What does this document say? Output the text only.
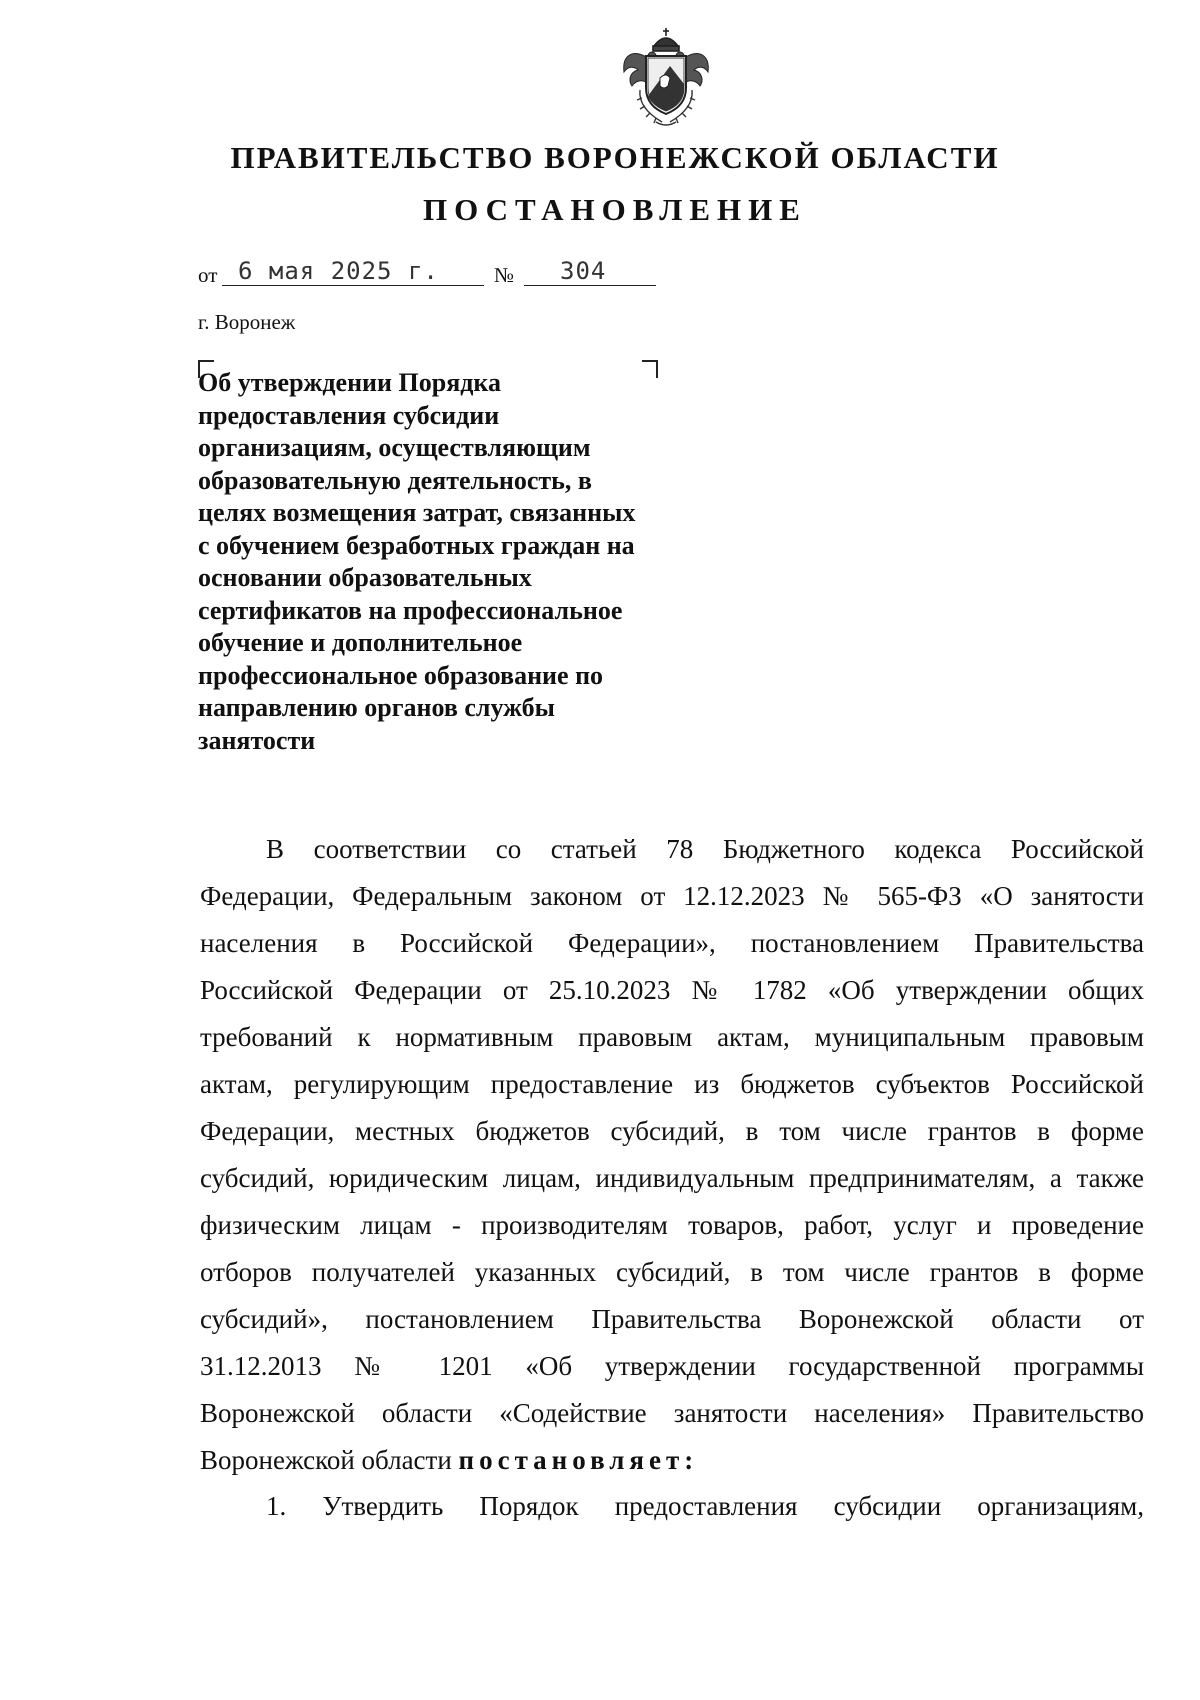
ПРАВИТЕЛЬСТВО ВОРОНЕЖСКОЙ ОБЛАСТИ
ПОСТАНОВЛЕНИЕ
от 6 мая 2025 г.	№ 304
г. Воронеж
Об утверждении Порядка
предоставления субсидии
организациям, осуществляющим
образовательную деятельность, в
целях возмещения затрат, связанных
с обучением безработных граждан на
основании образовательных
сертификатов на профессиональное
обучение и дополнительное
профессиональное образование по
направлению органов службы
занятости
В соответствии со статьей 78 Бюджетного кодекса Российской
Федерации, Федеральным законом от 12.12.2023 № 565-ФЗ «О занятости
населения в Российской Федерации», постановлением Правительства
Российской Федерации от 25.10.2023 № 1782 «Об утверждении общих
требований к нормативным правовым актам, муниципальным правовым
актам, регулирующим предоставление из бюджетов субъектов Российской
Федерации, местных бюджетов субсидий, в том числе грантов в форме
субсидий, юридическим лицам, индивидуальным предпринимателям, а также
физическим лицам - производителям товаров, работ, услуг и проведение
отборов получателей указанных субсидий, в том числе грантов в форме
субсидий», постановлением Правительства Воронежской области от
31.12.2013 № 1201 «Об утверждении государственной программы
Воронежской области «Содействие занятости населения» Правительство
Воронежской области постановляет:
1. Утвердить Порядок предоставления субсидии организациям,
